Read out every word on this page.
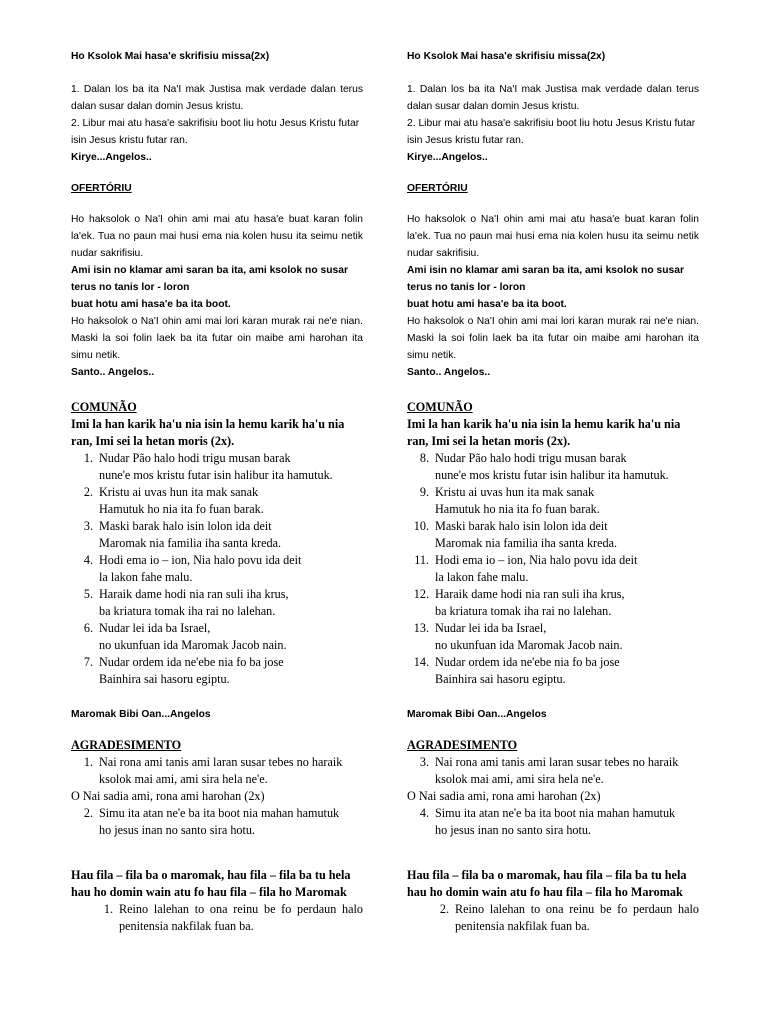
Ho Ksolok Mai hasa'e skrifisiu missa(2x)

1. Dalan los ba ita Na'I mak Justisa mak verdade dalan terus dalan susar dalan domin Jesus kristu.

2. Libur mai atu hasa'e sakrifisiu boot liu hotu Jesus Kristu futar isin Jesus kristu futar ran.

Kirye...Angelos..

OFERTÓRIU

Ho haksolok o Na'I ohin ami mai atu hasa'e buat karan folin la'ek. Tua no paun mai husi ema nia kolen husu ita seimu netik nudar sakrifisiu.

Ami isin no klamar ami saran ba ita, ami ksolok no susar terus no tanis lor - loron

buat hotu ami hasa'e ba ita boot.

Ho haksolok o Na'I ohin ami mai lori karan murak rai ne'e nian. Maski la soi folin laek ba ita futar oin maibe ami harohan ita simu netik.

Santo.. Angelos..

COMUNÃO

Imi la han karik ha'u nia isin la hemu karik ha'u nia ran, Imi sei la hetan moris (2x).

1. Nudar Pão halo hodi trigu musan barak

nune'e mos kristu futar isin halibur ita hamutuk.

2. Kristu ai uvas hun ita mak sanak

Hamutuk ho nia ita fo fuan barak.

3. Maski barak halo isin lolon ida deit

Maromak nia familia iha santa kreda.

4. Hodi ema io – ion, Nia halo povu ida deit

la lakon fahe malu.

5. Haraik dame hodi nia ran suli iha krus,

ba kriatura tomak iha rai no lalehan.

6. Nudar lei ida ba Israel,

no ukunfuan ida Maromak Jacob nain.

7. Nudar ordem ida ne'ebe nia fo ba jose

Bainhira sai hasoru egiptu.

Maromak Bibi Oan...Angelos

AGRADESIMENTO

1. Nai rona ami tanis ami laran susar tebes no haraik

ksolok mai ami, ami sira hela ne'e.

O Nai sadia ami, rona ami harohan (2x)

2. Simu ita atan ne'e ba ita boot nia mahan hamutuk

ho jesus inan no santo sira hotu.

Hau fila – fila ba o maromak, hau fila – fila ba tu hela

hau ho domin wain atu fo hau fila – fila ho Maromak

1. Reino lalehan to ona reinu be fo perdaun halo penitensia nakfilak fuan ba.

Ho Ksolok Mai hasa'e skrifisiu missa(2x)

1. Dalan los ba ita Na'I mak Justisa mak verdade dalan terus dalan susar dalan domin Jesus kristu.

2. Libur mai atu hasa'e sakrifisiu boot liu hotu Jesus Kristu futar isin Jesus kristu futar ran.

Kirye...Angelos..

OFERTÓRIU

Ho haksolok o Na'I ohin ami mai atu hasa'e buat karan folin la'ek. Tua no paun mai husi ema nia kolen husu ita seimu netik nudar sakrifisiu.

Ami isin no klamar ami saran ba ita, ami ksolok no susar terus no tanis lor - loron

buat hotu ami hasa'e ba ita boot.

Ho haksolok o Na'I ohin ami mai lori karan murak rai ne'e nian. Maski la soi folin laek ba ita futar oin maibe ami harohan ita simu netik.

Santo.. Angelos..

COMUNÃO

Imi la han karik ha'u nia isin la hemu karik ha'u nia ran, Imi sei la hetan moris (2x).

8. Nudar Pão halo hodi trigu musan barak

nune'e mos kristu futar isin halibur ita hamutuk.

9. Kristu ai uvas hun ita mak sanak

Hamutuk ho nia ita fo fuan barak.

10. Maski barak halo isin lolon ida deit

Maromak nia familia iha santa kreda.

11. Hodi ema io – ion, Nia halo povu ida deit

la lakon fahe malu.

12. Haraik dame hodi nia ran suli iha krus,

ba kriatura tomak iha rai no lalehan.

13. Nudar lei ida ba Israel,

no ukunfuan ida Maromak Jacob nain.

14. Nudar ordem ida ne'ebe nia fo ba jose

Bainhira sai hasoru egiptu.

Maromak Bibi Oan...Angelos

AGRADESIMENTO

3. Nai rona ami tanis ami laran susar tebes no haraik

ksolok mai ami, ami sira hela ne'e.

O Nai sadia ami, rona ami harohan (2x)

4. Simu ita atan ne'e ba ita boot nia mahan hamutuk

ho jesus inan no santo sira hotu.

Hau fila – fila ba o maromak, hau fila – fila ba tu hela

hau ho domin wain atu fo hau fila – fila ho Maromak

2. Reino lalehan to ona reinu be fo perdaun halo penitensia nakfilak fuan ba.
